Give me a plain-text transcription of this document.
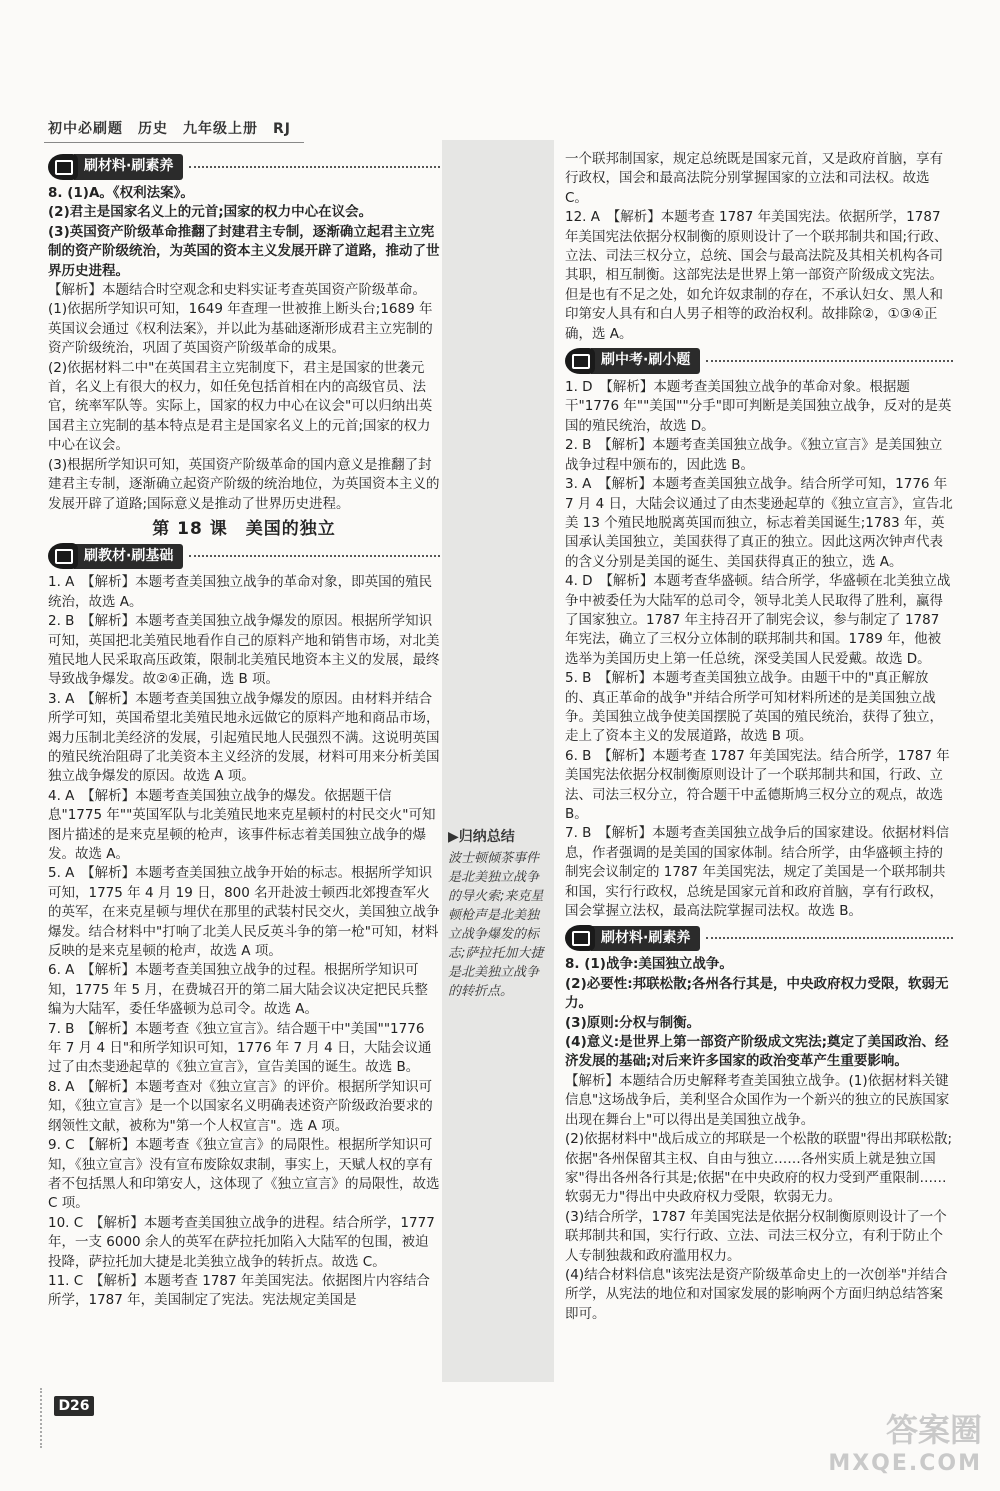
初中必刷题　历史　九年级上册　RJ
刷材料·刷素养

8. (1)A。《权利法案》。

(2)君主是国家名义上的元首;国家的权力中心在议会。

(3)英国资产阶级革命推翻了封建君主专制，逐渐确立起君主立宪制的资产阶级统治，为英国的资本主义发展开辟了道路，推动了世界历史进程。

【解析】本题结合时空观念和史料实证考查英国资产阶级革命。(1)依据所学知识可知，1649 年查理一世被推上断头台;1689 年英国议会通过《权利法案》，并以此为基础逐渐形成君主立宪制的资产阶级统治，巩固了英国资产阶级革命的成果。

(2)依据材料二中"在英国君主立宪制度下，君主是国家的世袭元首，名义上有很大的权力，如任免包括首相在内的高级官员、法官，统率军队等。实际上，国家的权力中心在议会"可以归纳出英国君主立宪制的基本特点是君主是国家名义上的元首;国家的权力中心在议会。

(3)根据所学知识可知，英国资产阶级革命的国内意义是推翻了封建君主专制，逐渐确立起资产阶级的统治地位，为英国资本主义的发展开辟了道路;国际意义是推动了世界历史进程。

第 18 课　美国的独立
刷教材·刷基础

1. A　【解析】本题考查美国独立战争的革命对象，即英国的殖民统治，故选 A。

2. B　【解析】本题考查美国独立战争爆发的原因。根据所学知识可知，英国把北美殖民地看作自己的原料产地和销售市场，对北美殖民地人民采取高压政策，限制北美殖民地资本主义的发展，最终导致战争爆发。故②④正确，选 B 项。

3. A　【解析】本题考查美国独立战争爆发的原因。由材料并结合所学可知，英国希望北美殖民地永远做它的原料产地和商品市场，竭力压制北美经济的发展，引起殖民地人民强烈不满。这说明英国的殖民统治阻碍了北美资本主义经济的发展，材料可用来分析美国独立战争爆发的原因。故选 A 项。

4. A　【解析】本题考查美国独立战争的爆发。依据题干信息"1775 年""英国军队与北美殖民地来克星顿村的村民交火"可知图片描述的是来克星顿的枪声，该事件标志着美国独立战争的爆发。故选 A。

5. A　【解析】本题考查美国独立战争开始的标志。根据所学知识可知，1775 年 4 月 19 日，800 名开赴波士顿西北郊搜查军火的英军，在来克星顿与埋伏在那里的武装村民交火，美国独立战争爆发。结合材料中"打响了北美人民反英斗争的第一枪"可知，材料反映的是来克星顿的枪声，故选 A 项。

6. A　【解析】本题考查美国独立战争的过程。根据所学知识可知，1775 年 5 月，在费城召开的第二届大陆会议决定把民兵整编为大陆军，委任华盛顿为总司令。故选 A。

7. B　【解析】本题考查《独立宣言》。结合题干中"美国""1776 年 7 月 4 日"和所学知识可知，1776 年 7 月 4 日，大陆会议通过了由杰斐逊起草的《独立宣言》，宣告美国的诞生。故选 B。

8. A　【解析】本题考查对《独立宣言》的评价。根据所学知识可知，《独立宣言》是一个以国家名义明确表述资产阶级政治要求的纲领性文献，被称为"第一个人权宣言"。选 A 项。

9. C　【解析】本题考查《独立宣言》的局限性。根据所学知识可知，《独立宣言》没有宣布废除奴隶制，事实上，天赋人权的享有者不包括黑人和印第安人，这体现了《独立宣言》的局限性，故选 C 项。

10. C　【解析】本题考查美国独立战争的进程。结合所学，1777 年，一支 6000 余人的英军在萨拉托加陷入大陆军的包围，被迫投降，萨拉托加大捷是北美独立战争的转折点。故选 C。

11. C　【解析】本题考查 1787 年美国宪法。依据图片内容结合所学，1787 年，美国制定了宪法。宪法规定美国是

▶归纳总结
波士顿倾茶事件是北美独立战争的导火索;来克星顿枪声是北美独立战争爆发的标志;萨拉托加大捷是北美独立战争的转折点。

一个联邦制国家，规定总统既是国家元首，又是政府首脑，享有行政权，国会和最高法院分别掌握国家的立法和司法权。故选 C。

12. A　【解析】本题考查 1787 年美国宪法。依据所学，1787 年美国宪法依据分权制衡的原则设计了一个联邦制共和国;行政、立法、司法三权分立，总统、国会与最高法院及其相关机构各司其职，相互制衡。这部宪法是世界上第一部资产阶级成文宪法。但是也有不足之处，如允许奴隶制的存在，不承认妇女、黑人和印第安人具有和白人男子相等的政治权利。故排除②，①③④正确，选 A。

刷中考·刷小题

1. D　【解析】本题考查美国独立战争的革命对象。根据题干"1776 年""美国""分手"即可判断是美国独立战争，反对的是英国的殖民统治，故选 D。

2. B　【解析】本题考查美国独立战争。《独立宣言》是美国独立战争过程中颁布的，因此选 B。

3. A　【解析】本题考查美国独立战争。结合所学可知，1776 年 7 月 4 日，大陆会议通过了由杰斐逊起草的《独立宣言》，宣告北美 13 个殖民地脱离英国而独立，标志着美国诞生;1783 年，英国承认美国独立，美国获得了真正的独立。因此这两次钟声代表的含义分别是美国的诞生、美国获得真正的独立，选 A。

4. D　【解析】本题考查华盛顿。结合所学，华盛顿在北美独立战争中被委任为大陆军的总司令，领导北美人民取得了胜利，赢得了国家独立。1787 年主持召开了制宪会议，参与制定了 1787 年宪法，确立了三权分立体制的联邦制共和国。1789 年，他被选举为美国历史上第一任总统，深受美国人民爱戴。故选 D。

5. B　【解析】本题考查美国独立战争。由题干中的"真正解放的、真正革命的战争"并结合所学可知材料所述的是美国独立战争。美国独立战争使美国摆脱了英国的殖民统治，获得了独立，走上了资本主义的发展道路，故选 B 项。

6. B　【解析】本题考查 1787 年美国宪法。结合所学，1787 年美国宪法依据分权制衡原则设计了一个联邦制共和国，行政、立法、司法三权分立，符合题干中孟德斯鸠三权分立的观点，故选 B。

7. B　【解析】本题考查美国独立战争后的国家建设。依据材料信息，作者强调的是美国的国家体制。结合所学，由华盛顿主持的制宪会议制定的 1787 年美国宪法，规定了美国是一个联邦制共和国，实行行政权，总统是国家元首和政府首脑，享有行政权，国会掌握立法权，最高法院掌握司法权。故选 B。

刷材料·刷素养

8. (1)战争:美国独立战争。

(2)必要性:邦联松散;各州各行其是，中央政府权力受限，软弱无力。

(3)原则:分权与制衡。

(4)意义:是世界上第一部资产阶级成文宪法;奠定了美国政治、经济发展的基础;对后来许多国家的政治变革产生重要影响。

【解析】本题结合历史解释考查美国独立战争。(1)依据材料关键信息"这场战争后，美利坚合众国作为一个新兴的独立的民族国家出现在舞台上"可以得出是美国独立战争。

(2)依据材料中"战后成立的邦联是一个松散的联盟"得出邦联松散;依据"各州保留其主权、自由与独立……各州实质上就是独立国家"得出各州各行其是;依据"在中央政府的权力受到严重限制……软弱无力"得出中央政府权力受限，软弱无力。

(3)结合所学，1787 年美国宪法是依据分权制衡原则设计了一个联邦制共和国，实行行政、立法、司法三权分立，有利于防止个人专制独裁和政府滥用权力。

(4)结合材料信息"该宪法是资产阶级革命史上的一次创举"并结合所学，从宪法的地位和对国家发展的影响两个方面归纳总结答案即可。

D26
答案圈
MXQE.COM
